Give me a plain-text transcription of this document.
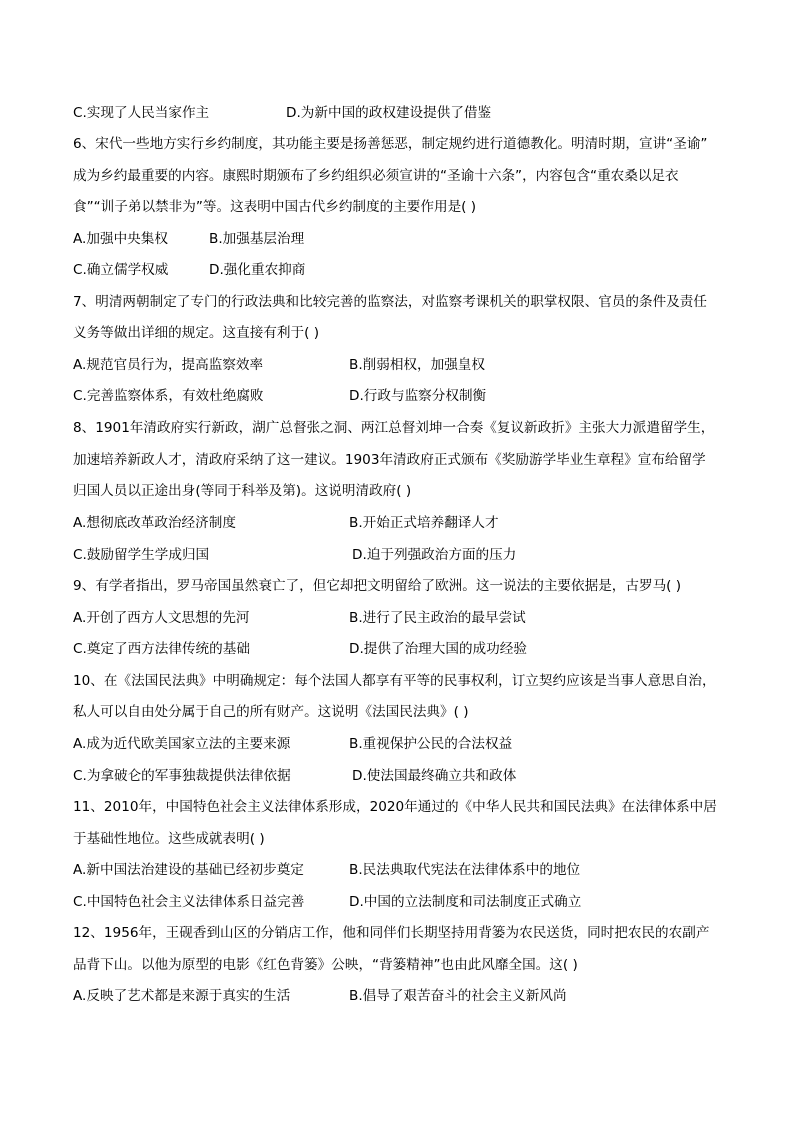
C.实现了人民当家作主	D.为新中国的政权建设提供了借鉴
6、宋代一些地方实行乡约制度，其功能主要是扬善惩恶，制定规约进行道德教化。明清时期，宣讲“圣谕”
成为乡约最重要的内容。康熙时期颁布了乡约组织必须宣讲的“圣谕十六条”，内容包含“重农桑以足衣
食”“训子弟以禁非为”等。这表明中国古代乡约制度的主要作用是( )
A.加强中央集权	B.加强基层治理
C.确立儒学权威	D.强化重农抑商
7、明清两朝制定了专门的行政法典和比较完善的监察法，对监察考课机关的职掌权限、官员的条件及责任
义务等做出详细的规定。这直接有利于( )
A.规范官员行为，提高监察效率	B.削弱相权，加强皇权
C.完善监察体系，有效杜绝腐败	D.行政与监察分权制衡
8、1901年清政府实行新政，湖广总督张之洞、两江总督刘坤一合奏《复议新政折》主张大力派遣留学生，
加速培养新政人才，清政府采纳了这一建议。1903年清政府正式颁布《奖励游学毕业生章程》宣布给留学
归国人员以正途出身(等同于科举及第)。这说明清政府( )
A.想彻底改革政治经济制度	B.开始正式培养翻译人才
C.鼓励留学生学成归国	D.迫于列强政治方面的压力
9、有学者指出，罗马帝国虽然衰亡了，但它却把文明留给了欧洲。这一说法的主要依据是，古罗马( )
A.开创了西方人文思想的先河	B.进行了民主政治的最早尝试
C.奠定了西方法律传统的基础	D.提供了治理大国的成功经验
10、在《法国民法典》中明确规定：每个法国人都享有平等的民事权利，订立契约应该是当事人意思自治，
私人可以自由处分属于自己的所有财产。这说明《法国民法典》( )
A.成为近代欧美国家立法的主要来源	B.重视保护公民的合法权益
C.为拿破仑的军事独裁提供法律依据	D.使法国最终确立共和政体
11、2010年，中国特色社会主义法律体系形成，2020年通过的《中华人民共和国民法典》在法律体系中居
于基础性地位。这些成就表明( )
A.新中国法治建设的基础已经初步奠定	B.民法典取代宪法在法律体系中的地位
C.中国特色社会主义法律体系日益完善	D.中国的立法制度和司法制度正式确立
12、1956年，王砚香到山区的分销店工作，他和同伴们长期坚持用背篓为农民送货，同时把农民的农副产
品背下山。以他为原型的电影《红色背篓》公映，“背篓精神”也由此风靡全国。这( )
A.反映了艺术都是来源于真实的生活	B.倡导了艰苦奋斗的社会主义新风尚
